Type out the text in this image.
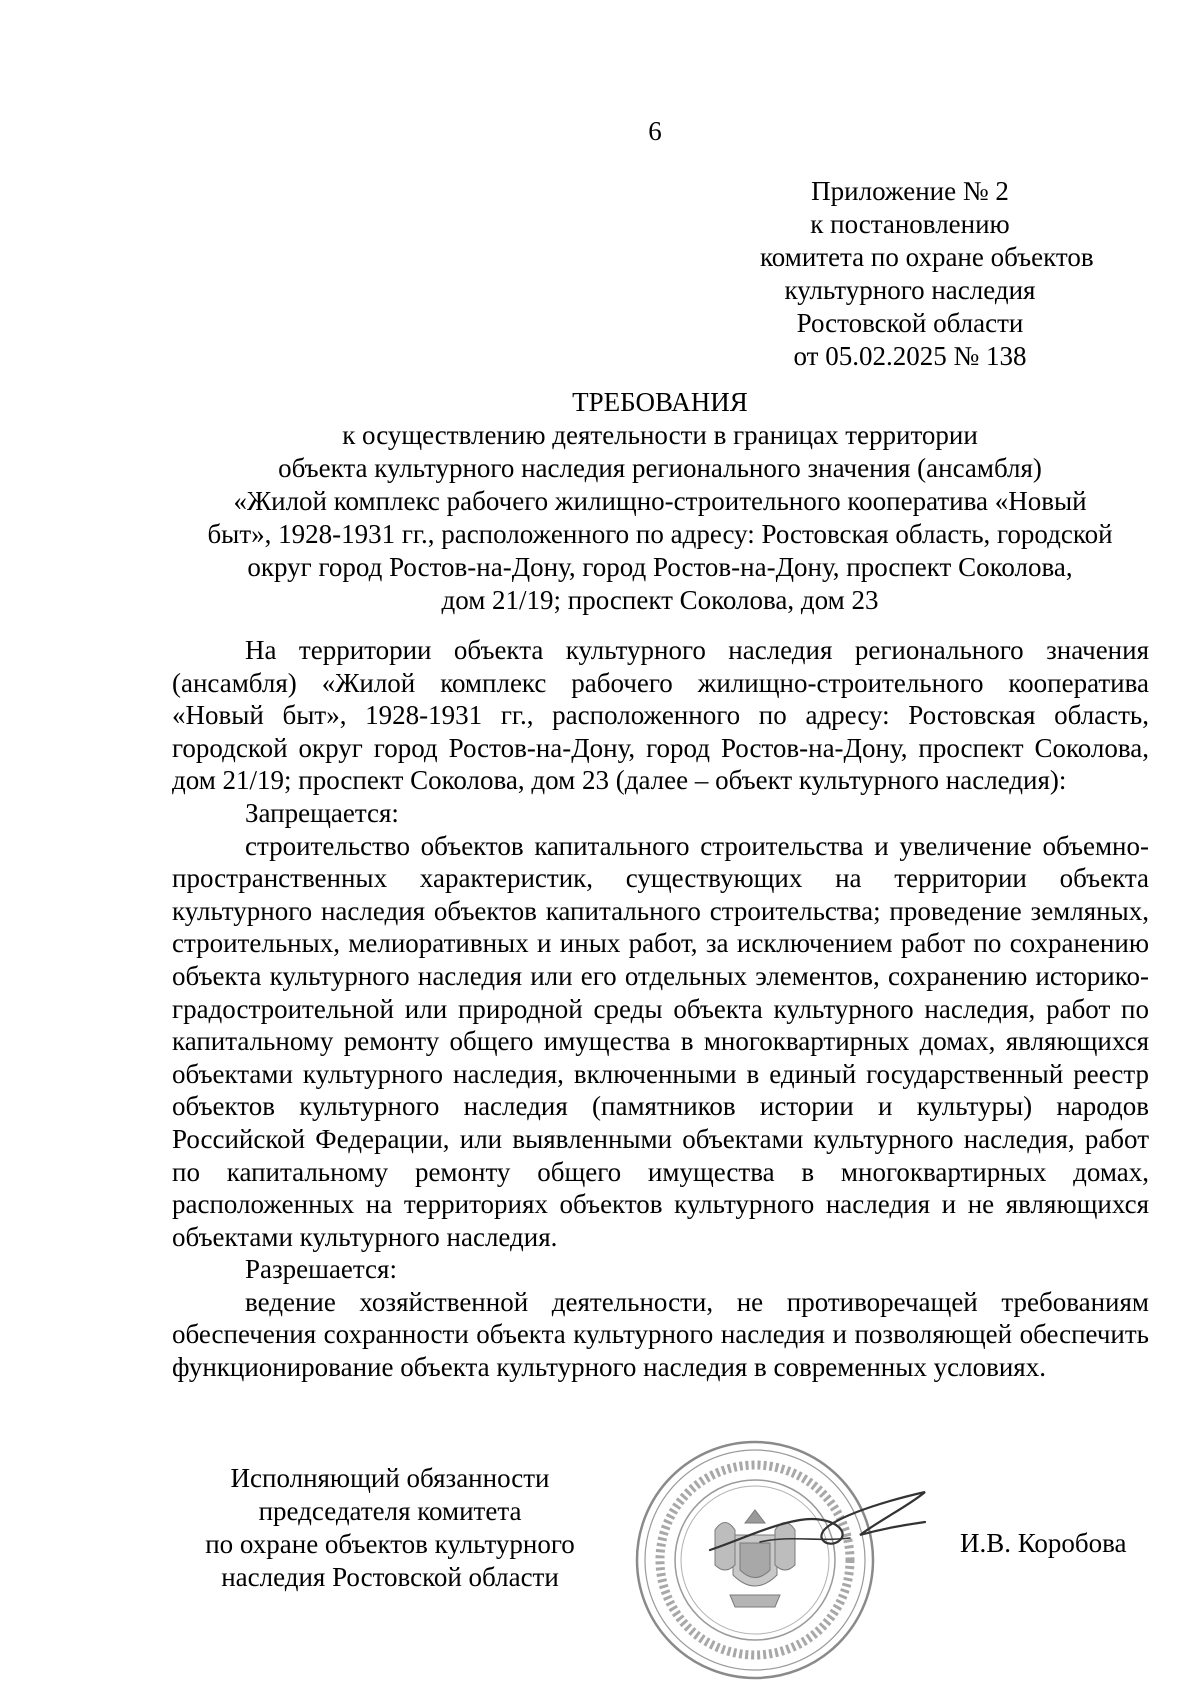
6
Приложение № 2
к постановлению
комитета по охране объектов
культурного наследия
Ростовской области
от 05.02.2025 № 138
ТРЕБОВАНИЯ
к осуществлению деятельности в границах территории
объекта культурного наследия регионального значения (ансамбля)
«Жилой комплекс рабочего жилищно-строительного кооператива «Новый
быт», 1928-1931 гг., расположенного по адресу: Ростовская область, городской
округ город Ростов-на-Дону, город Ростов-на-Дону, проспект Соколова,
дом 21/19; проспект Соколова, дом 23

На территории объекта культурного наследия регионального значения (ансамбля) «Жилой комплекс рабочего жилищно-строительного кооператива «Новый быт», 1928-1931 гг., расположенного по адресу: Ростовская область, городской округ город Ростов-на-Дону, город Ростов-на-Дону, проспект Соколова, дом 21/19; проспект Соколова, дом 23 (далее – объект культурного наследия):

Запрещается:

строительство объектов капитального строительства и увеличение объемно-пространственных характеристик, существующих на территории объекта культурного наследия объектов капитального строительства; проведение земляных, строительных, мелиоративных и иных работ, за исключением работ по сохранению объекта культурного наследия или его отдельных элементов, сохранению историко-градостроительной или природной среды объекта культурного наследия, работ по капитальному ремонту общего имущества в многоквартирных домах, являющихся объектами культурного наследия, включенными в единый государственный реестр объектов культурного наследия (памятников истории и культуры) народов Российской Федерации, или выявленными объектами культурного наследия, работ по капитальному ремонту общего имущества в многоквартирных домах, расположенных на территориях объектов культурного наследия и не являющихся объектами культурного наследия.

Разрешается:

ведение хозяйственной деятельности, не противоречащей требованиям обеспечения сохранности объекта культурного наследия и позволяющей обеспечить функционирование объекта культурного наследия в современных условиях.

Исполняющий обязанности
председателя комитета
по охране объектов культурного
наследия Ростовской области
И.В. Коробова
